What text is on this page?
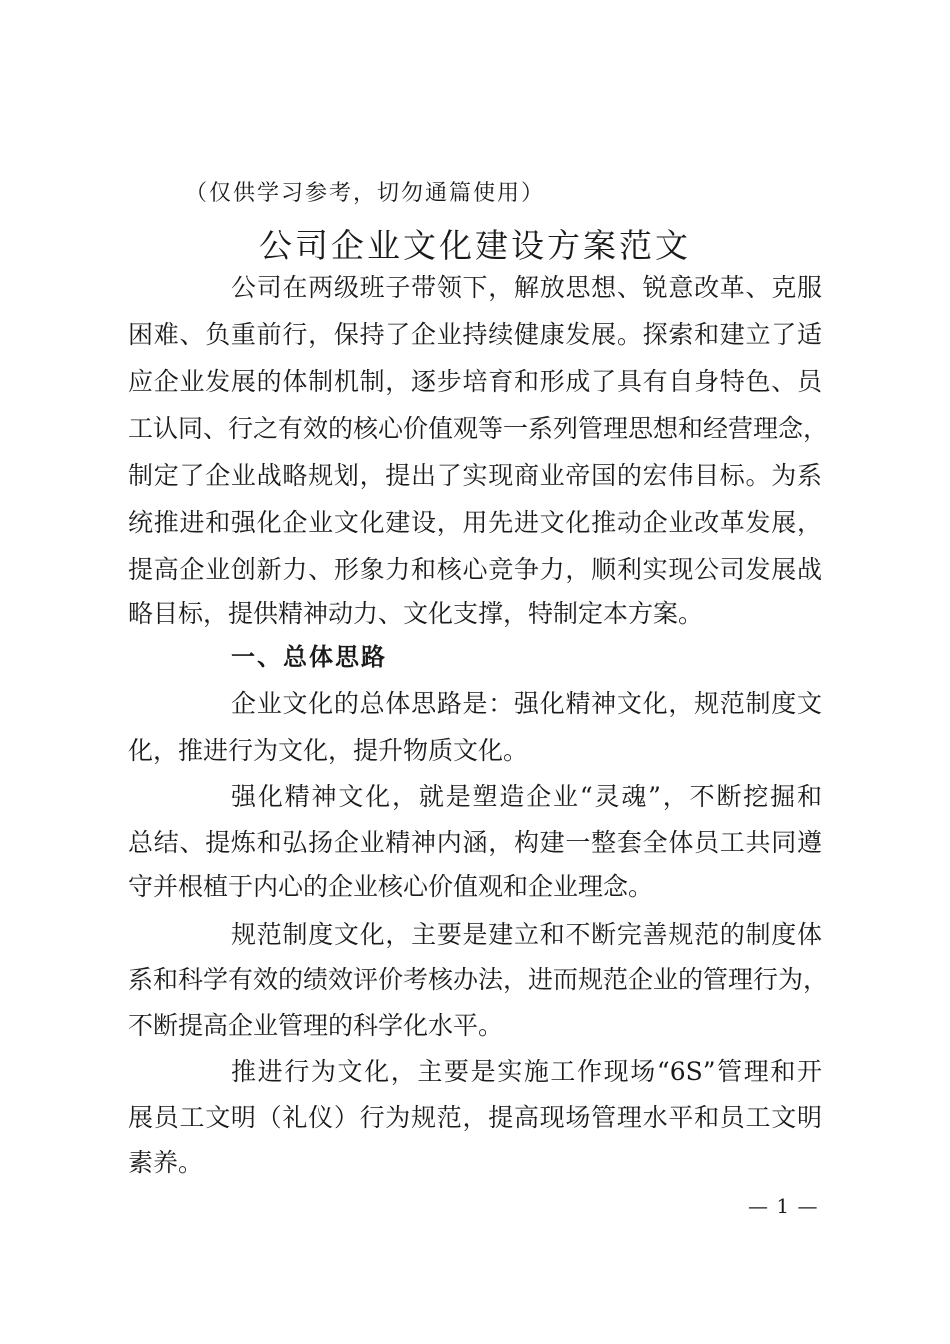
（仅供学习参考，切勿通篇使用）
公司企业文化建设方案范文
公司在两级班子带领下，解放思想、锐意改革、克服
困难、负重前行，保持了企业持续健康发展。探索和建立了适
应企业发展的体制机制，逐步培育和形成了具有自身特色、员
工认同、行之有效的核心价值观等一系列管理思想和经营理念，
制定了企业战略规划，提出了实现商业帝国的宏伟目标。为系
统推进和强化企业文化建设，用先进文化推动企业改革发展，
提高企业创新力、形象力和核心竞争力，顺利实现公司发展战
略目标，提供精神动力、文化支撑，特制定本方案。
一、总体思路
企业文化的总体思路是：强化精神文化，规范制度文
化，推进行为文化，提升物质文化。
强化精神文化，就是塑造企业“灵魂”，不断挖掘和
总结、提炼和弘扬企业精神内涵，构建一整套全体员工共同遵
守并根植于内心的企业核心价值观和企业理念。
规范制度文化，主要是建立和不断完善规范的制度体
系和科学有效的绩效评价考核办法，进而规范企业的管理行为，
不断提高企业管理的科学化水平。
推进行为文化，主要是实施工作现场“6S”管理和开
展员工文明（礼仪）行为规范，提高现场管理水平和员工文明
素养。
— 1 —
